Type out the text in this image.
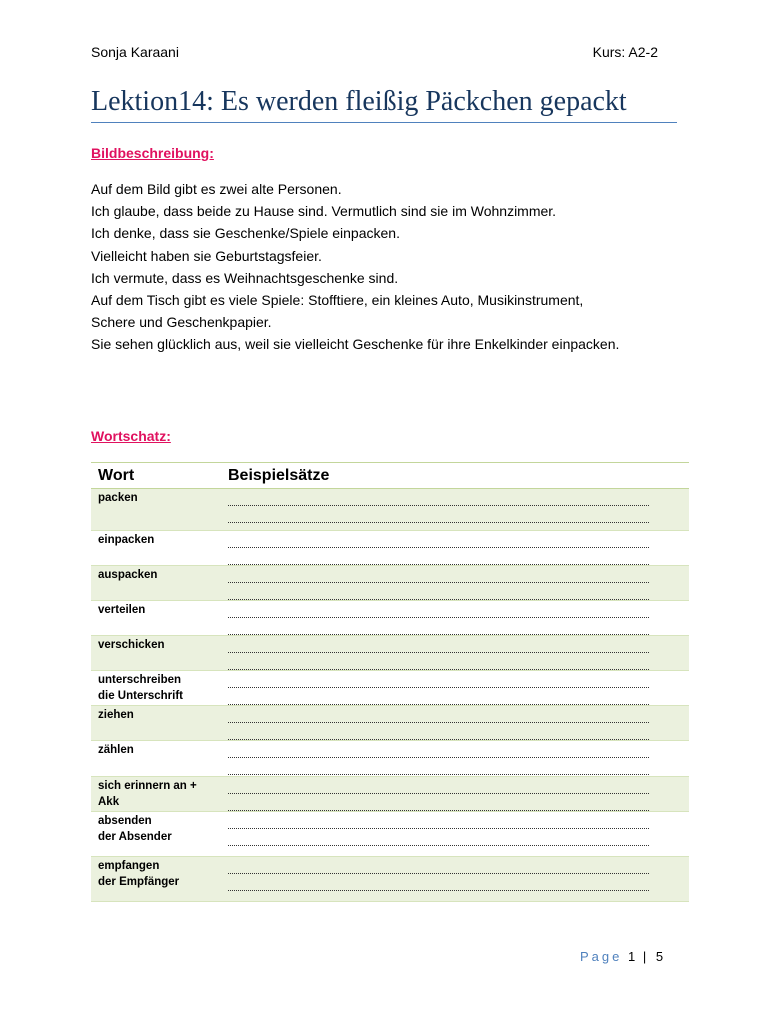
Sonja Karaani	Kurs: A2-2
Lektion14: Es werden fleißig Päckchen gepackt
Bildbeschreibung:
Auf dem Bild gibt es zwei alte Personen.
Ich glaube, dass beide zu Hause sind. Vermutlich sind sie im Wohnzimmer.
Ich denke, dass sie Geschenke/Spiele einpacken.
Vielleicht haben sie Geburtstagsfeier.
Ich vermute, dass es Weihnachtsgeschenke sind.
Auf dem Tisch gibt es viele Spiele: Stofftiere, ein kleines Auto, Musikinstrument,
Schere und Geschenkpapier.
Sie sehen glücklich aus, weil sie vielleicht Geschenke für ihre Enkelkinder einpacken.
Wortschatz:
Wort	Beispielsätze

packen	

einpacken	

auspacken	

verteilen	

verschicken	

unterschreiben
die Unterschrift	

ziehen	

zählen	

sich erinnern an +
Akk	

absenden
der Absender	

empfangen
der Empfänger	

Page 1 | 5
